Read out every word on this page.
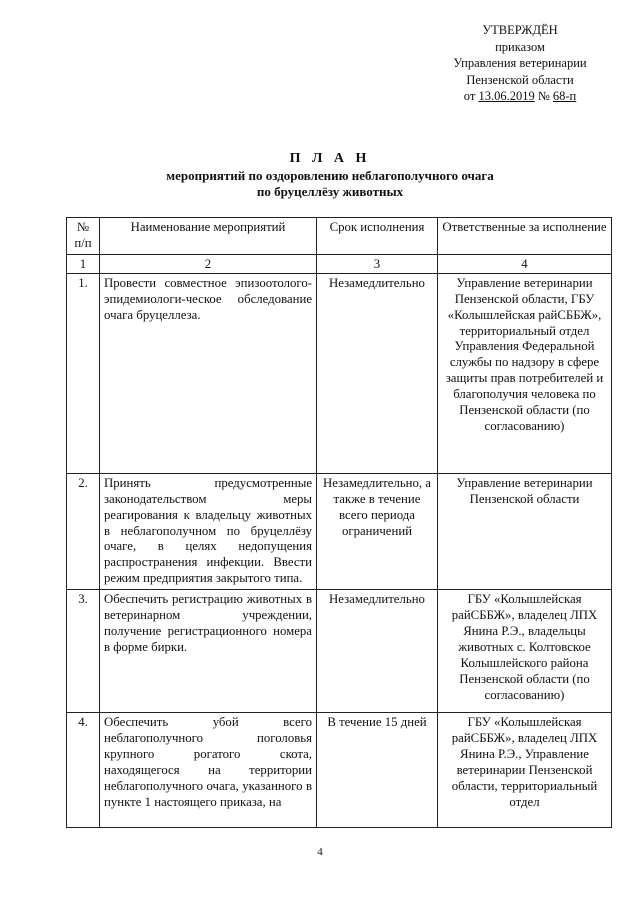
УТВЕРЖДЁН
приказом
Управления ветеринарии
Пензенской области
от 13.06.2019 № 68-п
П Л А Н
мероприятий по оздоровлению неблагополучного очага
по бруцеллёзу животных
№ п/п	Наименование мероприятий	Срок исполнения	Ответственные за исполнение
1	2	3	4
1.	Провести совместное эпизоотолого-эпидемиологи-ческое обследование очага бруцеллеза.	Незамедлительно	Управление ветеринарии Пензенской области, ГБУ «Колышлейская райСББЖ», территориальный отдел Управления Федеральной службы по надзору в сфере защиты прав потребителей и благополучия человека по Пензенской области (по согласованию)
2.	Принять предусмотренные законодательством меры реагирования к владельцу животных в неблагополучном по бруцеллёзу очаге, в целях недопущения распространения инфекции. Ввести режим предприятия закрытого типа.	Незамедлительно, а также в течение всего периода ограничений	Управление ветеринарии Пензенской области
3.	Обеспечить регистрацию животных в ветеринарном учреждении, получение регистрационного номера в форме бирки.	Незамедлительно	ГБУ «Колышлейская райСББЖ», владелец ЛПХ Янина Р.Э., владельцы животных с. Колтовское Колышлейского района Пензенской области (по согласованию)
4.	Обеспечить убой всего неблагополучного поголовья крупного рогатого скота, находящегося на территории неблагополучного очага, указанного в пункте 1 настоящего приказа, на	В течение 15 дней	ГБУ «Колышлейская райСББЖ», владелец ЛПХ Янина Р.Э., Управление ветеринарии Пензенской области, территориальный отдел
4
